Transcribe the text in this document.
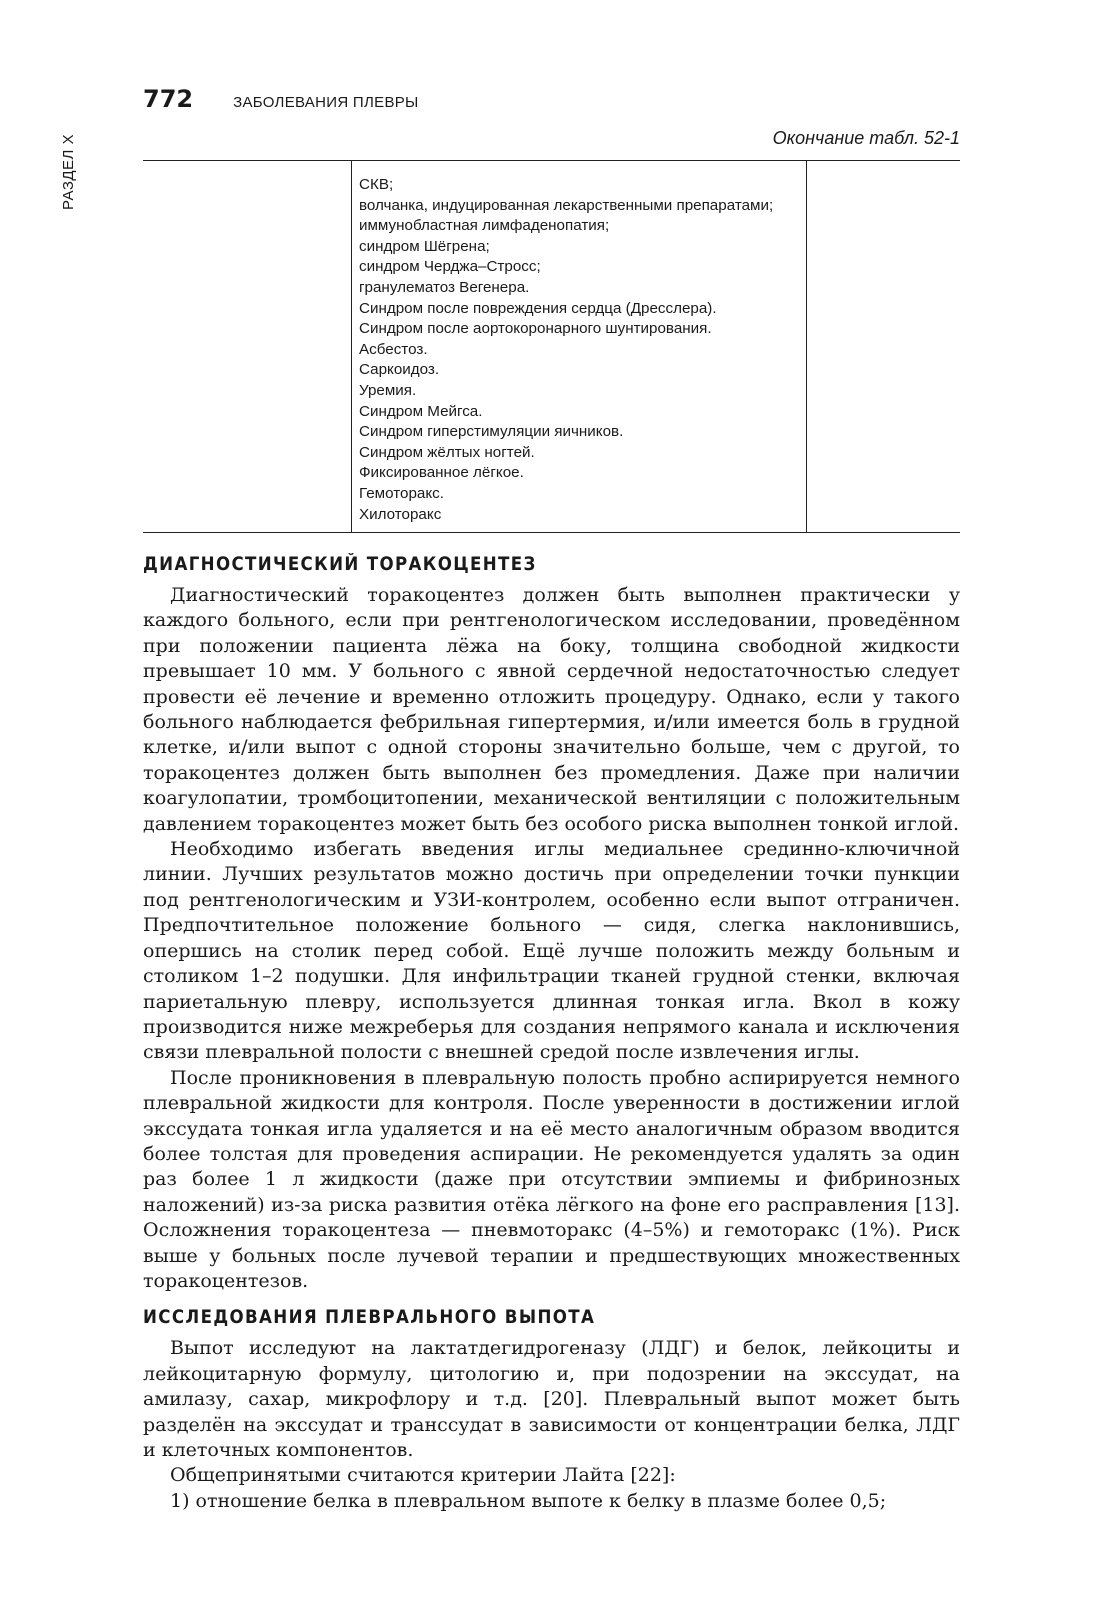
РАЗДЕЛ X
772	ЗАБОЛЕВАНИЯ ПЛЕВРЫ
Окончание табл. 52-1
СКВ;
волчанка, индуцированная лекарственными препаратами;
иммунобластная лимфаденопатия;
синдром Шёгрена;
синдром Черджа–Стросс;
гранулематоз Вегенера.
Синдром после повреждения сердца (Дресслера).
Синдром после аортокоронарного шунтирования.
Асбестоз.
Саркоидоз.
Уремия.
Синдром Мейгса.
Синдром гиперстимуляции яичников.
Синдром жёлтых ногтей.
Фиксированное лёгкое.
Гемоторакс.
Хилоторакс
ДИАГНОСТИЧЕСКИЙ ТОРАКОЦЕНТЕЗ

Диагностический торакоцентез должен быть выполнен практически у каждого больного, если при рентгенологическом исследовании, проведённом при положении пациента лёжа на боку, толщина свободной жидкости превышает 10 мм. У больного с явной сердечной недостаточностью следует провести её лечение и временно отложить процедуру. Однако, если у такого больного наблюдается фебрильная гипертермия, и/или имеется боль в грудной клетке, и/или выпот с одной стороны значительно больше, чем с другой, то торакоцентез должен быть выполнен без промедления. Даже при наличии коагулопатии, тромбоцитопении, механической вентиляции с положительным давлением торакоцентез может быть без особого риска выполнен тонкой иглой.

Необходимо избегать введения иглы медиальнее срединно-ключичной линии. Лучших результатов можно достичь при определении точки пункции под рентгенологическим и УЗИ-контролем, особенно если выпот отграничен. Предпочтительное положение больного — сидя, слегка наклонившись, опершись на столик перед собой. Ещё лучше положить между больным и столиком 1–2 подушки. Для инфильтрации тканей грудной стенки, включая париетальную плевру, используется длинная тонкая игла. Вкол в кожу производится ниже межреберья для создания непрямого канала и исключения связи плевральной полости с внешней средой после извлечения иглы.

После проникновения в плевральную полость пробно аспирируется немного плевральной жидкости для контроля. После уверенности в достижении иглой экссудата тонкая игла удаляется и на её место аналогичным образом вводится более толстая для проведения аспирации. Не рекомендуется удалять за один раз более 1 л жидкости (даже при отсутствии эмпиемы и фибринозных наложений) из-за риска развития отёка лёгкого на фоне его расправления [13]. Осложнения торакоцентеза — пневмоторакс (4–5%) и гемоторакс (1%). Риск выше у больных после лучевой терапии и предшествующих множественных торакоцентезов.

ИССЛЕДОВАНИЯ ПЛЕВРАЛЬНОГО ВЫПОТА

Выпот исследуют на лактатдегидрогеназу (ЛДГ) и белок, лейкоциты и лейкоцитарную формулу, цитологию и, при подозрении на экссудат, на амилазу, сахар, микрофлору и т.д. [20]. Плевральный выпот может быть разделён на экссудат и транссудат в зависимости от концентрации белка, ЛДГ и клеточных компонентов.

Общепринятыми считаются критерии Лайта [22]:

1) отношение белка в плевральном выпоте к белку в плазме более 0,5;
